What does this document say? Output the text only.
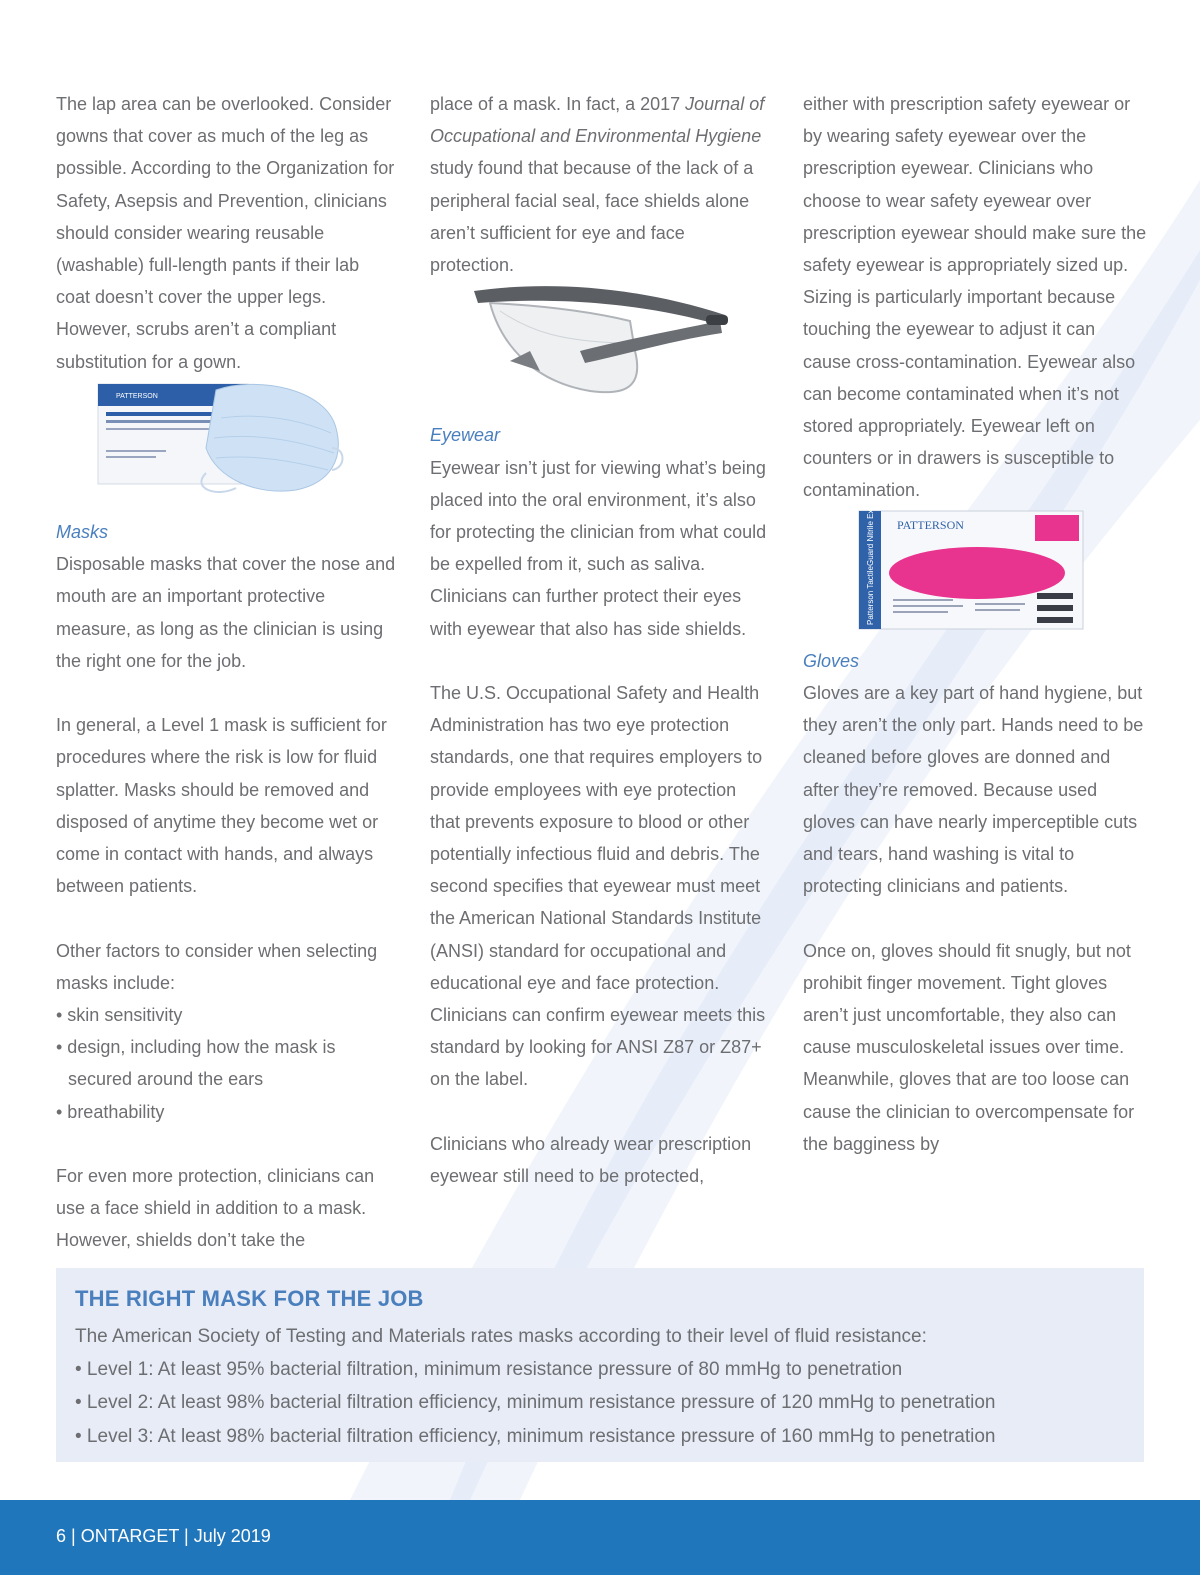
The lap area can be overlooked. Consider gowns that cover as much of the leg as possible. According to the Organization for Safety, Asepsis and Prevention, clinicians should consider wearing reusable (washable) full-length pants if their lab coat doesn’t cover the upper legs. However, scrubs aren’t a compliant substitution for a gown.

PATTERSON

Masks

Disposable masks that cover the nose and mouth are an important protective measure, as long as the clinician is using the right one for the job.

In general, a Level 1 mask is sufficient for procedures where the risk is low for fluid splatter. Masks should be removed and disposed of anytime they become wet or come in contact with hands, and always between patients.

Other factors to consider when selecting masks include:

• skin sensitivity
• design, including how the mask is secured around the ears
• breathability

For even more protection, clinicians can use a face shield in addition to a mask. However, shields don’t take the

place of a mask. In fact, a 2017 Journal of Occupational and Environmental Hygiene study found that because of the lack of a peripheral facial seal, face shields alone aren’t sufficient for eye and face protection.

Eyewear

Eyewear isn’t just for viewing what’s being placed into the oral environment, it’s also for protecting the clinician from what could be expelled from it, such as saliva. Clinicians can further protect their eyes with eyewear that also has side shields.

The U.S. Occupational Safety and Health Administration has two eye protection standards, one that requires employers to provide employees with eye protection that prevents exposure to blood or other potentially infectious fluid and debris. The second specifies that eyewear must meet the American National Standards Institute (ANSI) standard for occupational and educational eye and face protection. Clinicians can confirm eyewear meets this standard by looking for ANSI Z87 or Z87+ on the label.

Clinicians who already wear prescription eyewear still need to be protected,

either with prescription safety eyewear or by wearing safety eyewear over the prescription eyewear. Clinicians who choose to wear safety eyewear over prescription eyewear should make sure the safety eyewear is appropriately sized up. Sizing is particularly important because touching the eyewear to adjust it can cause cross-contamination. Eyewear also can become contaminated when it’s not stored appropriately. Eyewear left on counters or in drawers is susceptible to contamination.

Patterson TactileGuard Nitrile Examination Gloves PATTERSON

Gloves

Gloves are a key part of hand hygiene, but they aren’t the only part. Hands need to be cleaned before gloves are donned and after they’re removed. Because used gloves can have nearly imperceptible cuts and tears, hand washing is vital to protecting clinicians and patients.

Once on, gloves should fit snugly, but not prohibit finger movement. Tight gloves aren’t just uncomfortable, they also can cause musculoskeletal issues over time. Meanwhile, gloves that are too loose can cause the clinician to overcompensate for the bagginess by

THE RIGHT MASK FOR THE JOB

The American Society of Testing and Materials rates masks according to their level of fluid resistance:

• Level 1: At least 95% bacterial filtration, minimum resistance pressure of 80 mmHg to penetration

• Level 2: At least 98% bacterial filtration efficiency, minimum resistance pressure of 120 mmHg to penetration

• Level 3: At least 98% bacterial filtration efficiency, minimum resistance pressure of 160 mmHg to penetration

6 | ONTARGET | July 2019
